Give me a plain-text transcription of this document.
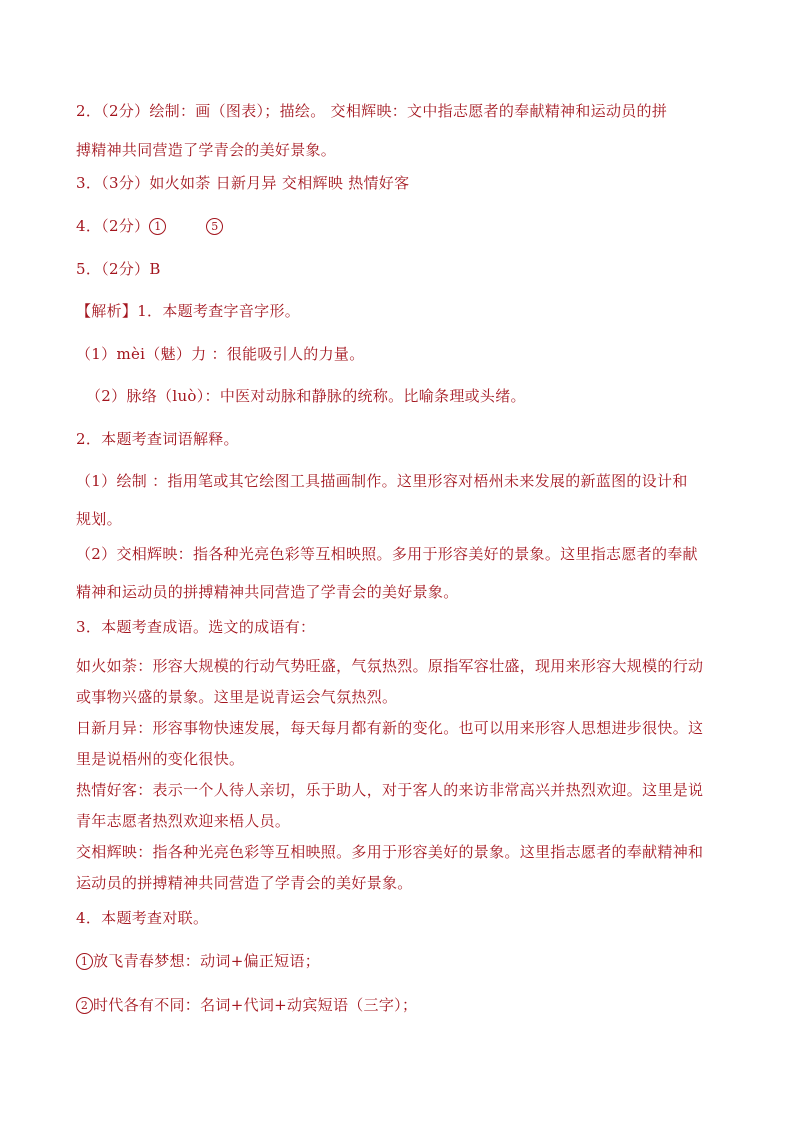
2．（2分）绘制：画（图表）；描绘。 交相辉映：文中指志愿者的奉献精神和运动员的拼
搏精神共同营造了学青会的美好景象。
3．（3分）如火如荼 日新月异 交相辉映 热情好客
4．（2分） 1	5
5．（2分）B
【解析】1．本题考查字音字形。
（1）mèi（魅）力 ：很能吸引人的力量。
（2）脉络（luò）：中医对动脉和静脉的统称。比喻条理或头绪。
2．本题考查词语解释。
（1）绘制 ：指用笔或其它绘图工具描画制作。这里形容对梧州未来发展的新蓝图的设计和
规划。
（2）交相辉映：指各种光亮色彩等互相映照。多用于形容美好的景象。这里指志愿者的奉献
精神和运动员的拼搏精神共同营造了学青会的美好景象。
3．本题考查成语。选文的成语有：
如火如荼：形容大规模的行动气势旺盛，气氛热烈。原指军容壮盛，现用来形容大规模的行动
或事物兴盛的景象。这里是说青运会气氛热烈。
日新月异：形容事物快速发展，每天每月都有新的变化。也可以用来形容人思想进步很快。这
里是说梧州的变化很快。
热情好客：表示一个人待人亲切，乐于助人，对于客人的来访非常高兴并热烈欢迎。这里是说
青年志愿者热烈欢迎来梧人员。
交相辉映：指各种光亮色彩等互相映照。多用于形容美好的景象。这里指志愿者的奉献精神和
运动员的拼搏精神共同营造了学青会的美好景象。
4．本题考查对联。
1 放飞青春梦想：动词+偏正短语；
2 时代各有不同：名词+代词+动宾短语（三字）；
